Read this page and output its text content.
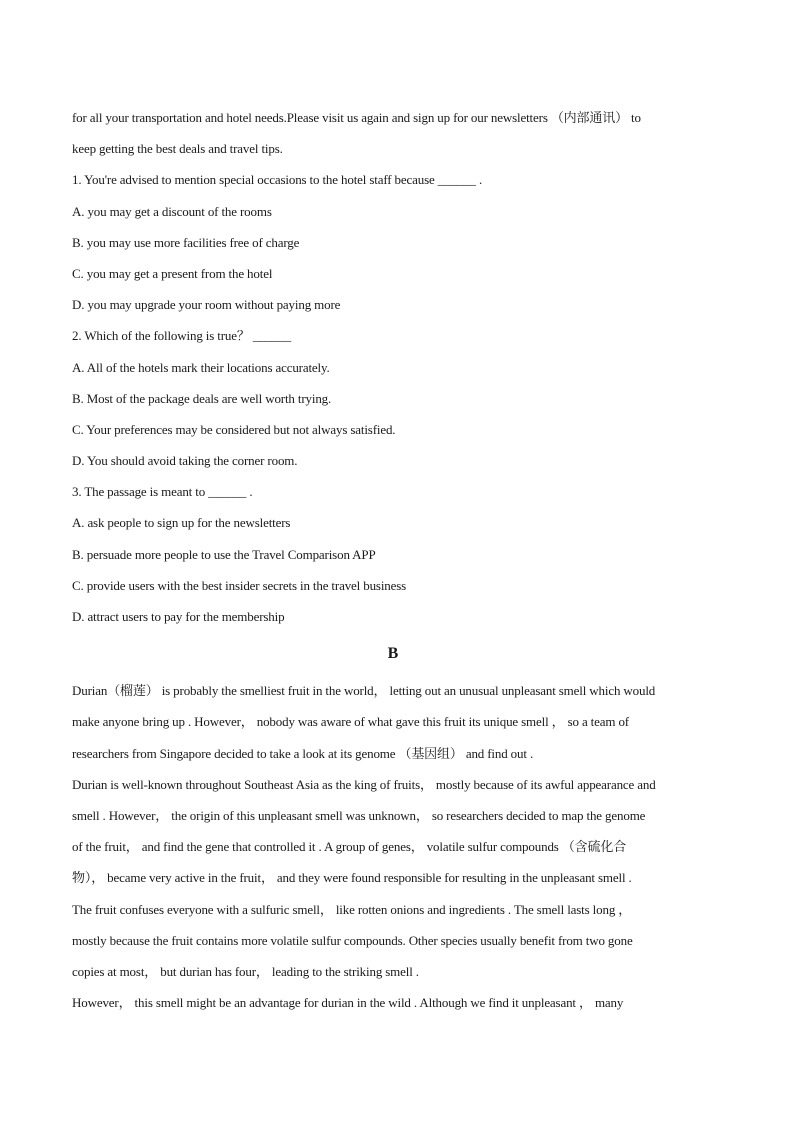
for all your transportation and hotel needs.Please visit us again and sign up for our newsletters （内部通讯） to
keep getting the best deals and travel tips.
1. You're advised to mention special occasions to the hotel staff because ______ .
A. you may get a discount of the rooms
B. you may use more facilities free of charge
C. you may get a present from the hotel
D. you may upgrade your room without paying more
2. Which of the following is true？ ______
A. All of the hotels mark their locations accurately.
B. Most of the package deals are well worth trying.
C. Your preferences may be considered but not always satisfied.
D. You should avoid taking the corner room.
3. The passage is meant to ______ .
A. ask people to sign up for the newsletters
B. persuade more people to use the Travel Comparison APP
C. provide users with the best insider secrets in the travel business
D. attract users to pay for the membership
B
Durian（榴莲） is probably the smelliest fruit in the world， letting out an unusual unpleasant smell which would
make anyone bring up . However， nobody was aware of what gave this fruit its unique smell ， so a team of
researchers from Singapore decided to take a look at its genome （基因组） and find out .
Durian is well-known throughout Southeast Asia as the king of fruits， mostly because of its awful appearance and
smell . However， the origin of this unpleasant smell was unknown， so researchers decided to map the genome
of the fruit， and find the gene that controlled it . A group of genes， volatile sulfur compounds （含硫化合
物）， became very active in the fruit， and they were found responsible for resulting in the unpleasant smell .
The fruit confuses everyone with a sulfuric smell， like rotten onions and ingredients . The smell lasts long ，
mostly because the fruit contains more volatile sulfur compounds. Other species usually benefit from two gone
copies at most， but durian has four， leading to the striking smell .
However， this smell might be an advantage for durian in the wild . Although we find it unpleasant ， many
